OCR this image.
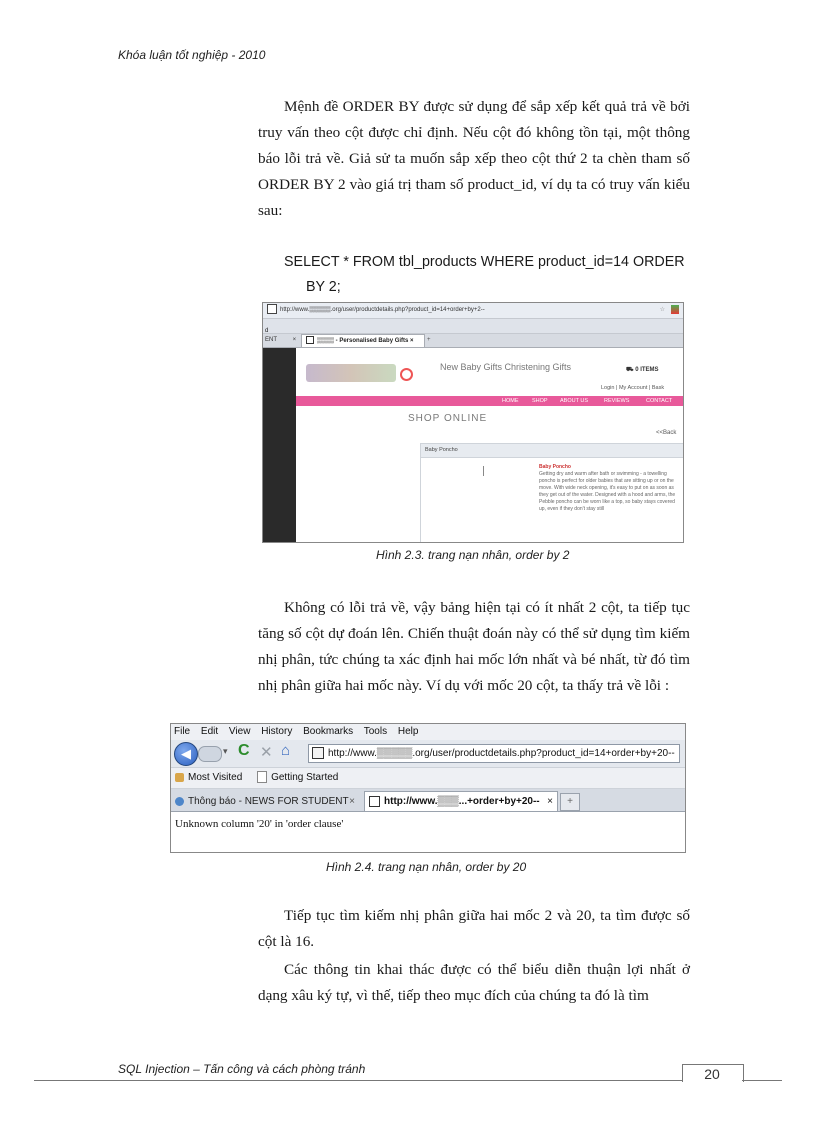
Khóa luận tốt nghiệp - 2010
Mệnh đề ORDER BY được sử dụng để sắp xếp kết quả trả về bởi truy vấn theo cột được chỉ định. Nếu cột đó không tồn tại, một thông báo lỗi trả về. Giả sử ta muốn sắp xếp theo cột thứ 2 ta chèn tham số ORDER BY 2 vào giá trị tham số product_id, ví dụ ta có truy vấn kiểu sau:
SELECT * FROM tbl_products WHERE product_id=14 ORDER
BY 2;
http://www.▒▒▒▒▒.org/user/productdetails.php?product_id=14+order+by+2--	☆
d
ENT	×	▒▒▒▒ - Personalised Baby Gifts ×	+
New Baby Gifts Christening Gifts	⛟ 0 ITEMS
Login | My Account | Bask
HOME SHOP ABOUT US	REVIEWS	CONTACT
SHOP ONLINE
<<Back
Baby Poncho
Baby Poncho
Getting dry and warm after bath or swimming - a towelling poncho is perfect for older babies that are sitting up or on the move. With wide neck opening, it's easy to put on as soon as they get out of the water. Designed with a hood and arms, the Pebble poncho can be worn like a top, so baby stays covered up, even if they don't stay still
Hình 2.3. trang nạn nhân, order by 2
Không có lỗi trả về, vậy bảng hiện tại có ít nhất 2 cột, ta tiếp tục tăng số cột dự đoán lên. Chiến thuật đoán này có thể sử dụng tìm kiếm nhị phân, tức chúng ta xác định hai mốc lớn nhất và bé nhất, từ đó tìm nhị phân giữa hai mốc này. Ví dụ với mốc 20 cột, ta thấy trả về lỗi :
File Edit View History Bookmarks Tools Help
◀	▾ C ✕ ⌂	http://www.▒▒▒▒▒.org/user/productdetails.php?product_id=14+order+by+20--
Most Visited	Getting Started
Thông báo - NEWS FOR STUDENT ×	http://www.▒▒▒...+order+by+20-- ×	+
Unknown column '20' in 'order clause'
Hình 2.4. trang nạn nhân, order by 20
Tiếp tục tìm kiếm nhị phân giữa hai mốc 2 và 20, ta tìm được số cột là 16.
Các thông tin khai thác được có thể biểu diễn thuận lợi nhất ở dạng xâu ký tự, vì thế, tiếp theo mục đích của chúng ta đó là tìm
SQL Injection – Tấn công và cách phòng tránh	20
